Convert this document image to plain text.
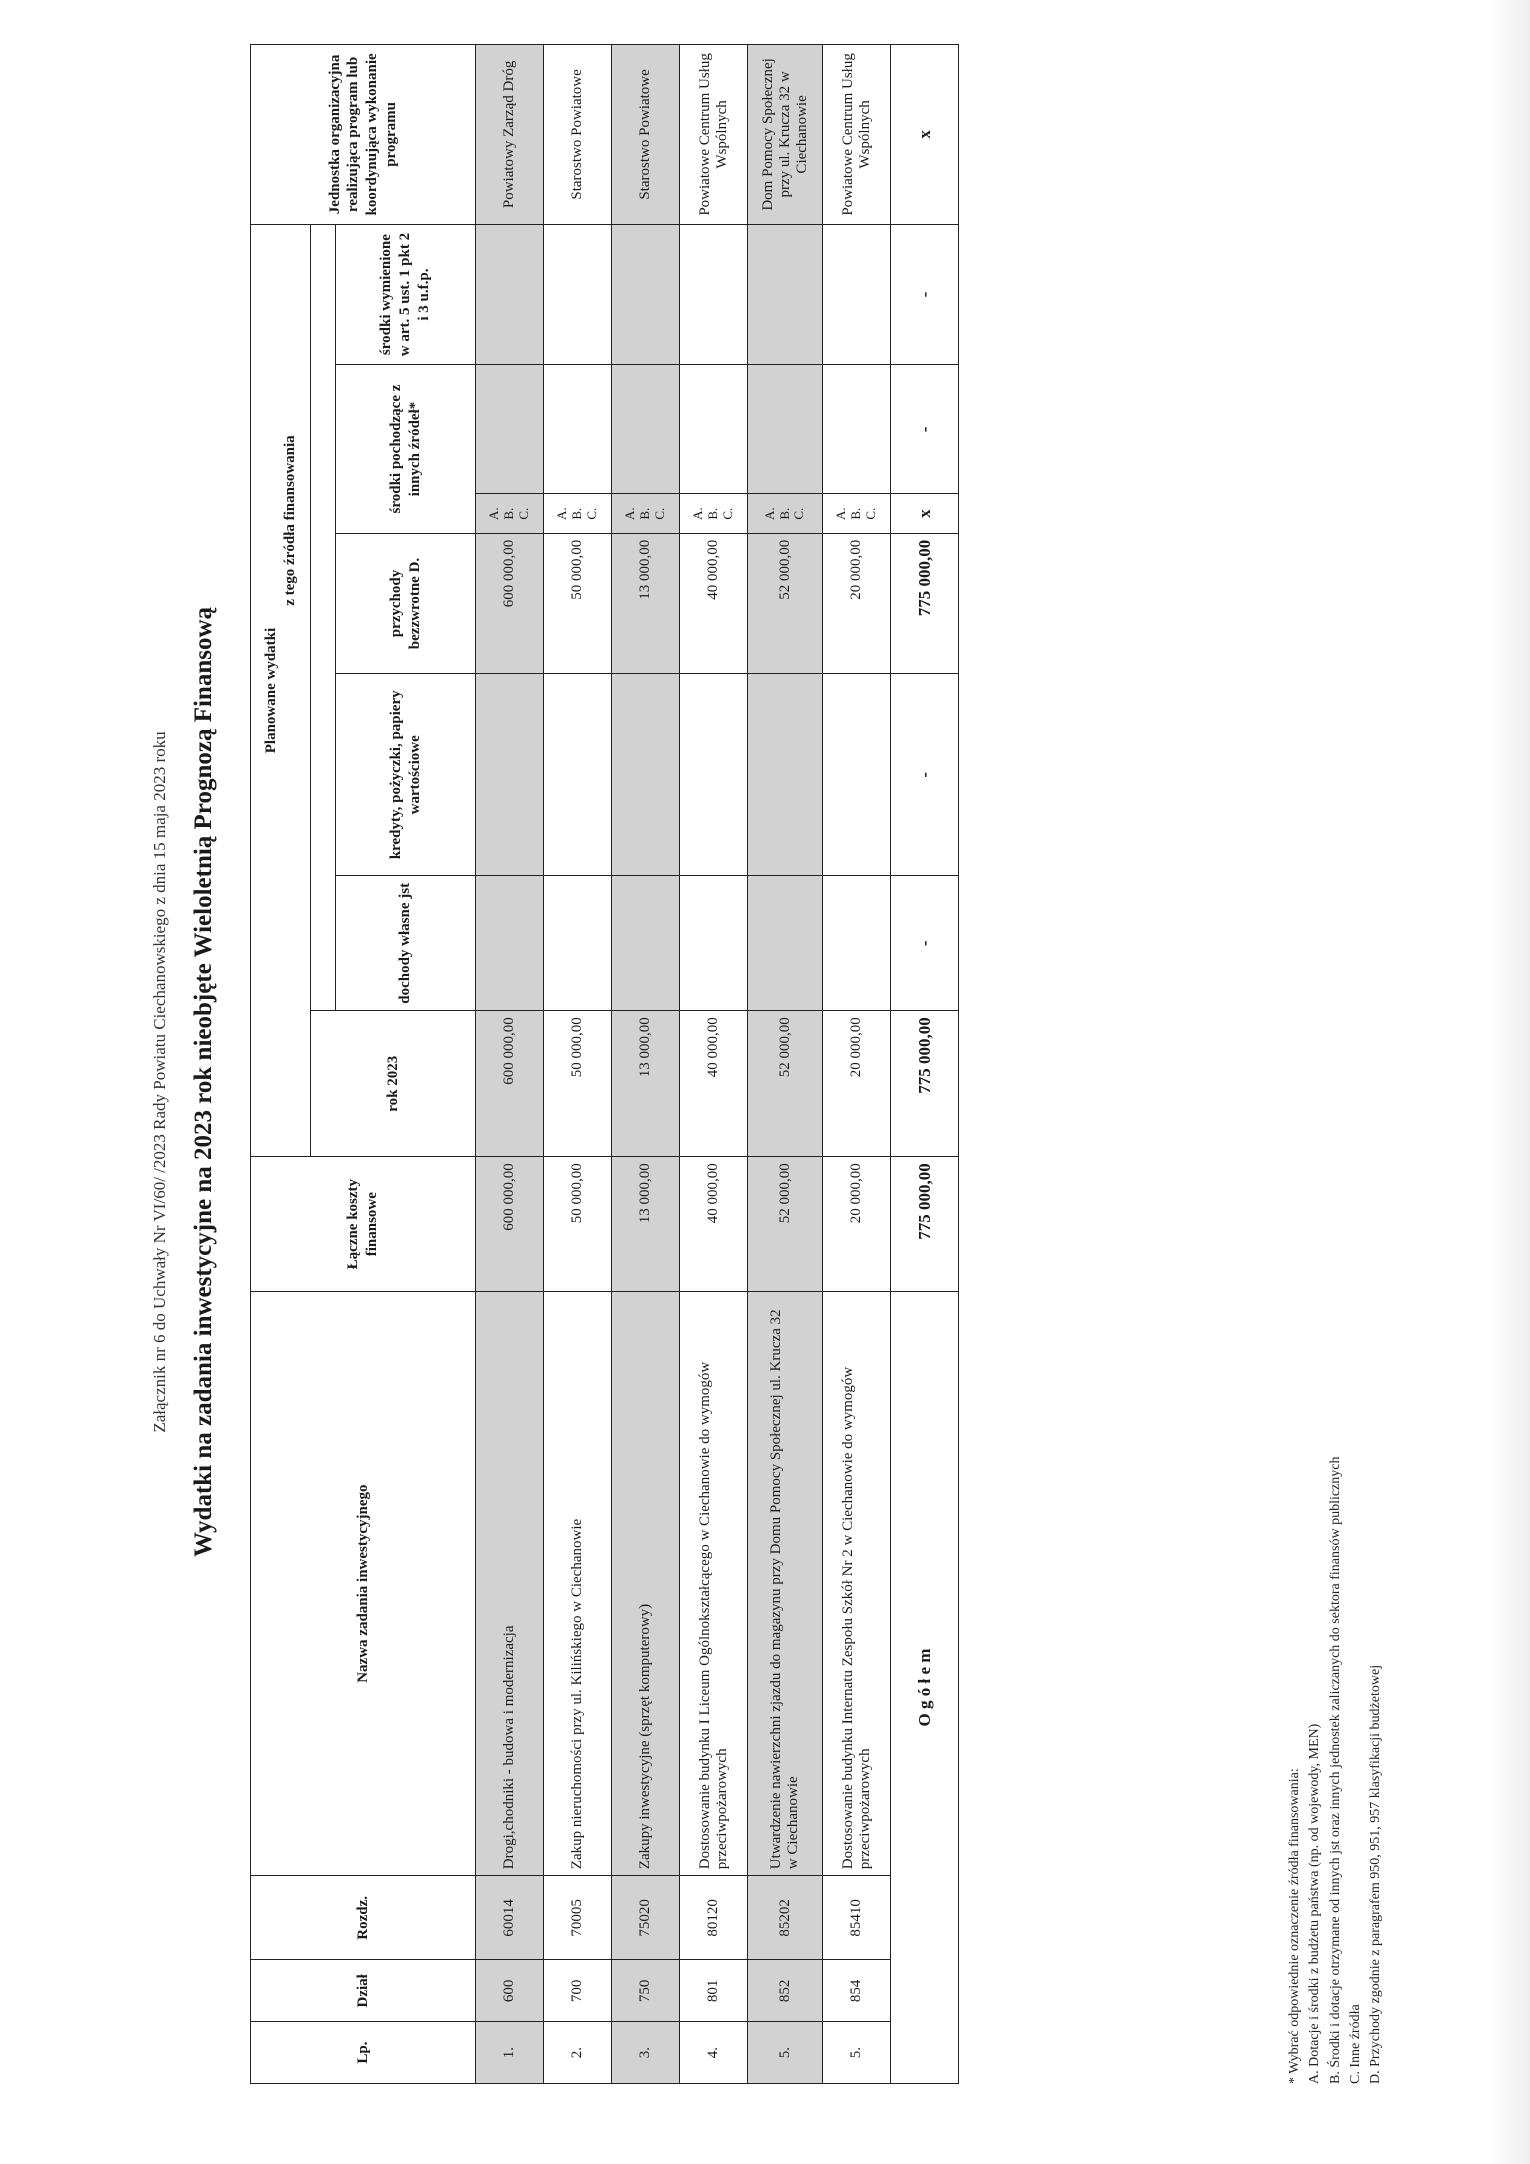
Załącznik nr 6 do Uchwały Nr VI/60/ /2023 Rady Powiatu Ciechanowskiego z dnia 15 maja 2023 roku Wydatki na zadania inwestycyjne na 2023 rok nieobjęte Wieloletnią Prognozą Finansową
Lp.	Dział	Rozdz.	Nazwa zadania inwestycyjnego	Łączne koszty finansowe	Planowane wydatki
z tego źródła finansowania							Jednostka organizacyjna realizująca program lub koordynująca wykonanie programu
					rok 2023							
						dochody własne jst	kredyty, pożyczki, papiery wartościowe	przychody bezzwrotne D.	środki pochodzące z innych źródeł*		środki wymienione w art. 5 ust. 1 pkt 2 i 3 u.f.p.	
1.	600	60014	Drogi,chodniki - budowa i modernizacja	600 000,00	600 000,00			600 000,00	A. B. C.			Powiatowy Zarząd Dróg
2.	700	70005	Zakup nieruchomości przy ul. Kilińskiego w Ciechanowie	50 000,00	50 000,00			50 000,00	A. B. C.			Starostwo Powiatowe
3.	750	75020	Zakupy inwestycyjne (sprzęt komputerowy)	13 000,00	13 000,00			13 000,00	A. B. C.			Starostwo Powiatowe
4.	801	80120	Dostosowanie budynku I Liceum Ogólnokształcącego w Ciechanowie do wymogów przeciwpożarowych	40 000,00	40 000,00			40 000,00	A. B. C.			Powiatowe Centrum Usług Wspólnych
5.	852	85202	Utwardzenie nawierzchni zjazdu do magazynu przy Domu Pomocy Społecznej ul. Krucza 32 w Ciechanowie	52 000,00	52 000,00			52 000,00	A. B. C.			Dom Pomocy Społecznej przy ul. Krucza 32 w Ciechanowie
5.	854	85410	Dostosowanie budynku Internatu Zespołu Szkół Nr 2 w Ciechanowie do wymogów przeciwpożarowych	20 000,00	20 000,00			20 000,00	A. B. C.			Powiatowe Centrum Usług Wspólnych
O g ó ł e m				775 000,00	775 000,00	-	-	775 000,00	x	-	-	x
* Wybrać odpowiednie oznaczenie źródła finansowania: A. Dotacje i środki z budżetu państwa (np. od wojewody, MEN) B. Środki i dotacje otrzymane od innych jst oraz innych jednostek zaliczanych do sektora finansów publicznych C. Inne źródła D. Przychody zgodnie z paragrafem 950, 951, 957 klasyfikacji budżetowej
